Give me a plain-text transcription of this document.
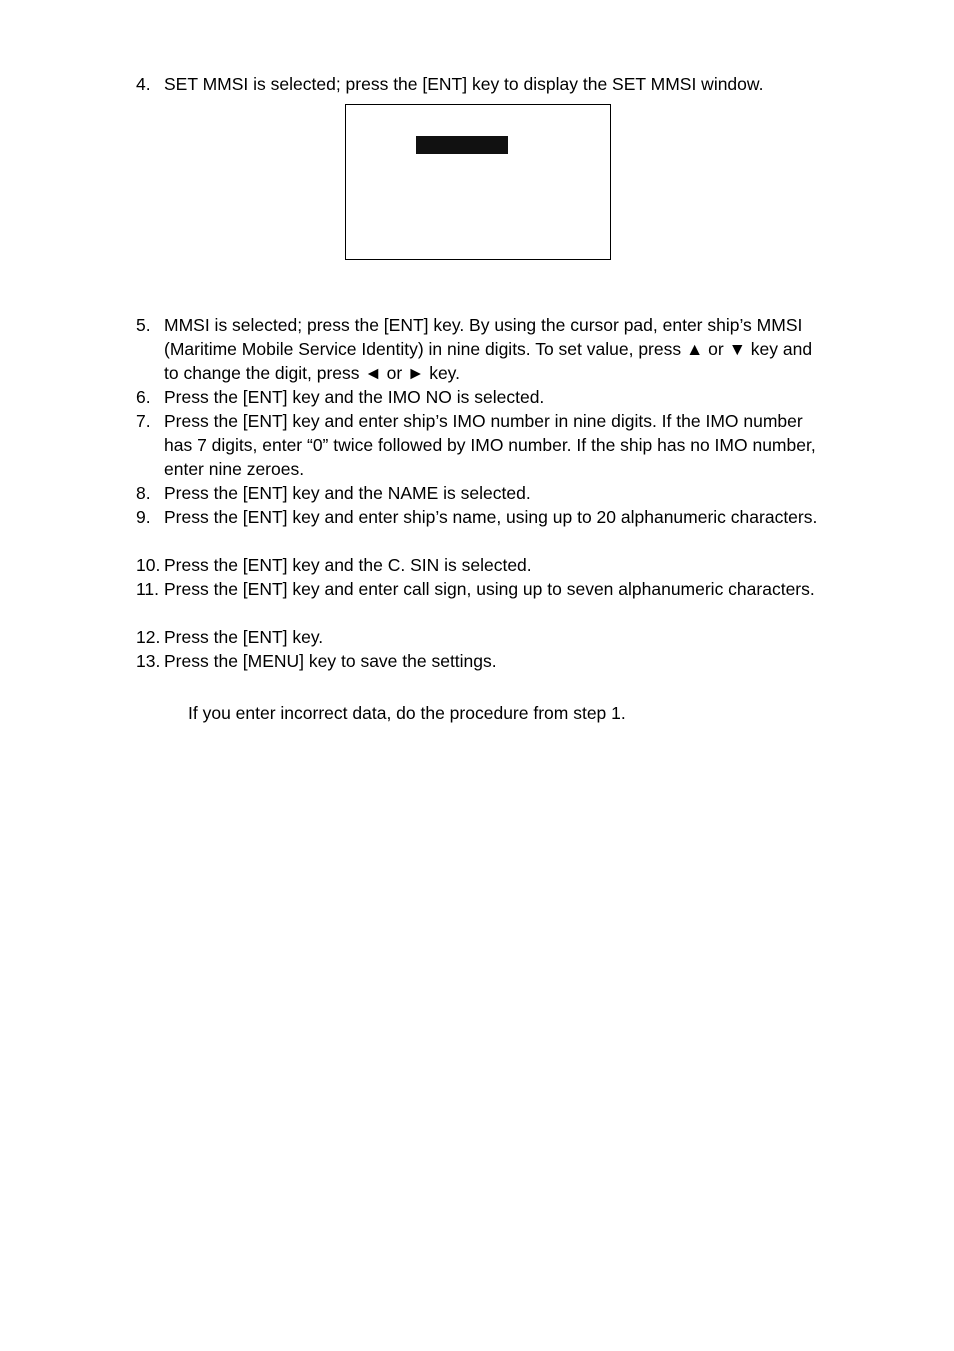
4. SET MMSI is selected; press the [ENT] key to display the SET MMSI window.
5. MMSI is selected; press the [ENT] key. By using the cursor pad, enter ship’s MMSI (Maritime Mobile Service Identity) in nine digits. To set value, press ▲ or ▼ key and to change the digit, press ◄ or ► key.
6. Press the [ENT] key and the IMO NO is selected.
7. Press the [ENT] key and enter ship’s IMO number in nine digits. If the IMO number has 7 digits, enter “0” twice followed by IMO number. If the ship has no IMO number, enter nine zeroes.
8. Press the [ENT] key and the NAME is selected.
9. Press the [ENT] key and enter ship’s name, using up to 20 alphanumeric characters.
10. Press the [ENT] key and the C. SIN is selected.
11. Press the [ENT] key and enter call sign, using up to seven alphanumeric characters.
12. Press the [ENT] key.
13. Press the [MENU] key to save the settings.
If you enter incorrect data, do the procedure from step 1.
